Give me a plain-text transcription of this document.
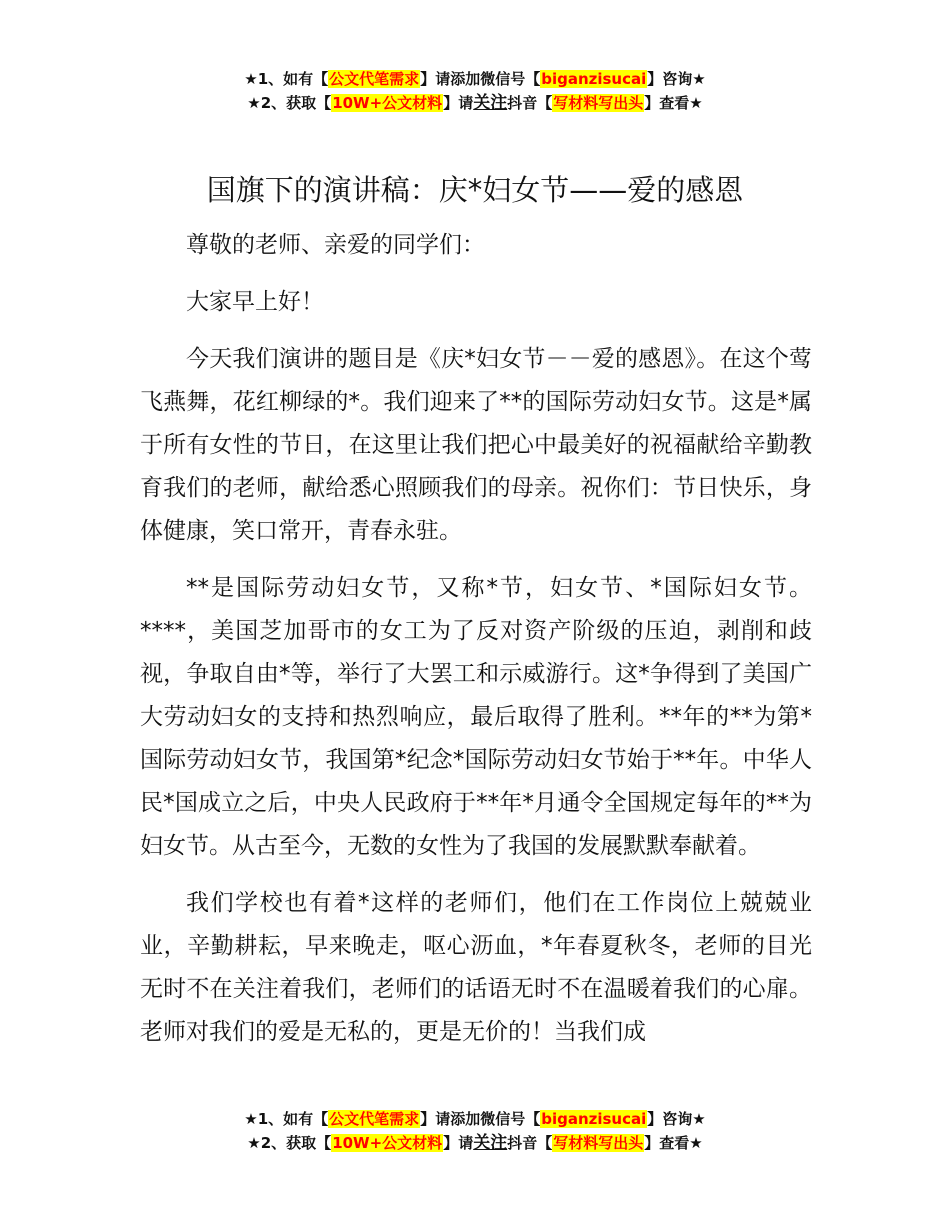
★1、如有【公文代笔需求】请添加微信号【biganzisucai】咨询★
★2、获取【10W+公文材料】请关注抖音【写材料写出头】查看★
国旗下的演讲稿：庆*妇女节——爱的感恩

尊敬的老师、亲爱的同学们：

大家早上好！

今天我们演讲的题目是《庆*妇女节－－爱的感恩》。在这个莺飞燕舞，花红柳绿的*。我们迎来了**的国际劳动妇女节。这是*属于所有女性的节日，在这里让我们把心中最美好的祝福献给辛勤教育我们的老师，献给悉心照顾我们的母亲。祝你们：节日快乐，身体健康，笑口常开，青春永驻。

**是国际劳动妇女节，又称*节，妇女节、*国际妇女节。****，美国芝加哥市的女工为了反对资产阶级的压迫，剥削和歧视，争取自由*等，举行了大罢工和示威游行。这*争得到了美国广大劳动妇女的支持和热烈响应，最后取得了胜利。**年的**为第*国际劳动妇女节，我国第*纪念*国际劳动妇女节始于**年。中华人民*国成立之后，中央人民政府于**年*月通令全国规定每年的**为妇女节。从古至今，无数的女性为了我国的发展默默奉献着。

我们学校也有着*这样的老师们，他们在工作岗位上兢兢业业，辛勤耕耘，早来晚走，呕心沥血，*年春夏秋冬，老师的目光无时不在关注着我们，老师们的话语无时不在温暖着我们的心扉。老师对我们的爱是无私的，更是无价的！当我们成

★1、如有【公文代笔需求】请添加微信号【biganzisucai】咨询★
★2、获取【10W+公文材料】请关注抖音【写材料写出头】查看★
